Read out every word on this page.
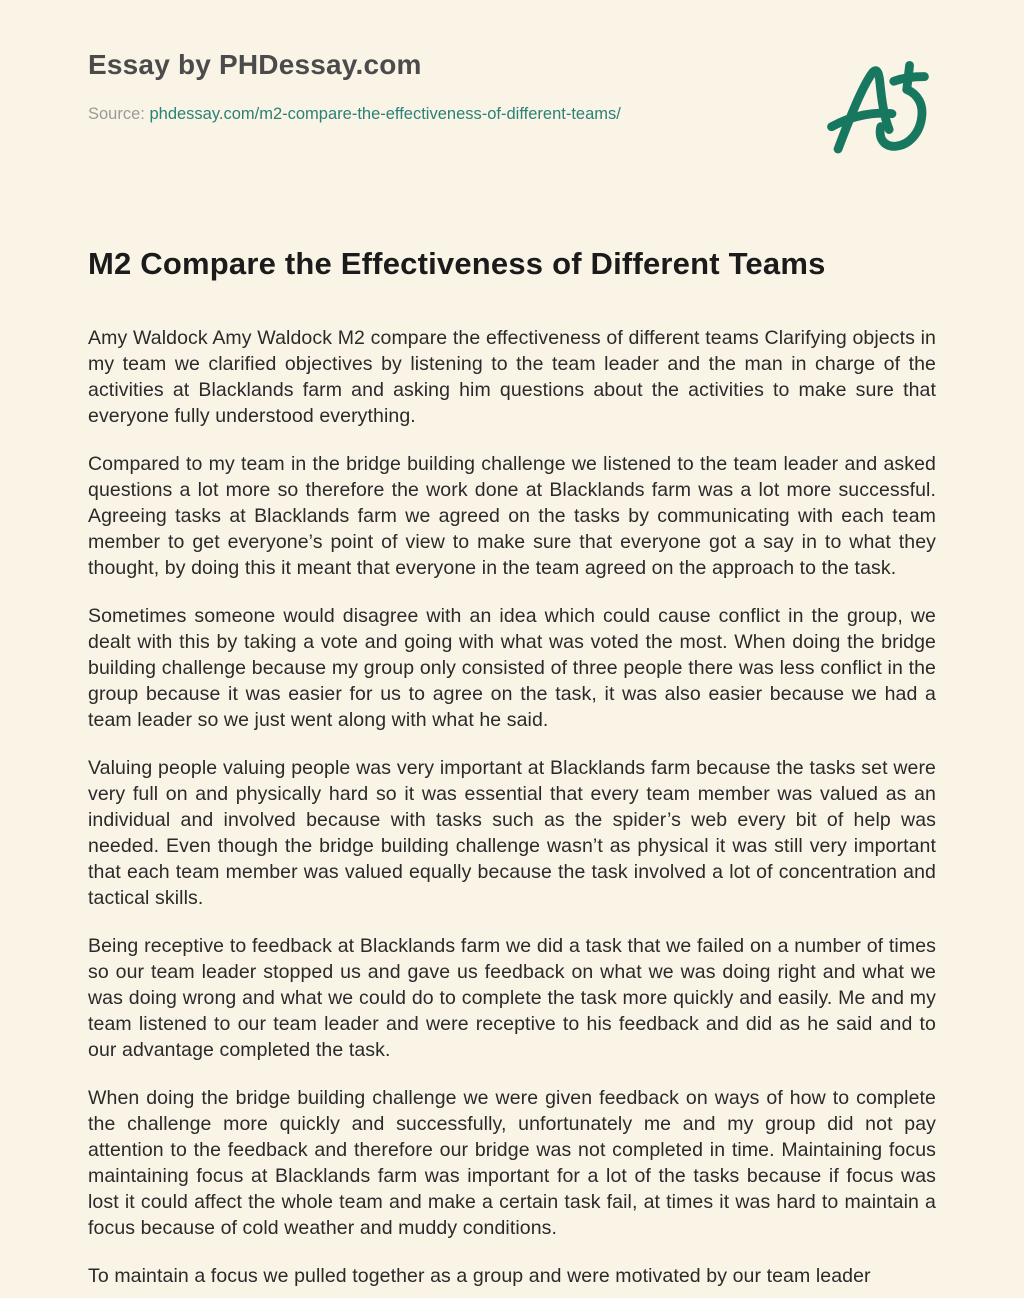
Essay by PHDessay.com
Source: phdessay.com/m2-compare-the-effectiveness-of-different-teams/
M2 Compare the Effectiveness of Different Teams

Amy Waldock Amy Waldock M2 compare the effectiveness of different teams Clarifying objects in my team we clarified objectives by listening to the team leader and the man in charge of the activities at Blacklands farm and asking him questions about the activities to make sure that everyone fully understood everything.

Compared to my team in the bridge building challenge we listened to the team leader and asked questions a lot more so therefore the work done at Blacklands farm was a lot more successful. Agreeing tasks at Blacklands farm we agreed on the tasks by communicating with each team member to get everyone’s point of view to make sure that everyone got a say in to what they thought, by doing this it meant that everyone in the team agreed on the approach to the task.

Sometimes someone would disagree with an idea which could cause conflict in the group, we dealt with this by taking a vote and going with what was voted the most. When doing the bridge building challenge because my group only consisted of three people there was less conflict in the group because it was easier for us to agree on the task, it was also easier because we had a team leader so we just went along with what he said.

Valuing people valuing people was very important at Blacklands farm because the tasks set were very full on and physically hard so it was essential that every team member was valued as an individual and involved because with tasks such as the spider’s web every bit of help was needed. Even though the bridge building challenge wasn’t as physical it was still very important that each team member was valued equally because the task involved a lot of concentration and tactical skills.

Being receptive to feedback at Blacklands farm we did a task that we failed on a number of times so our team leader stopped us and gave us feedback on what we was doing right and what we was doing wrong and what we could do to complete the task more quickly and easily. Me and my team listened to our team leader and were receptive to his feedback and did as he said and to our advantage completed the task.

When doing the bridge building challenge we were given feedback on ways of how to complete the challenge more quickly and successfully, unfortunately me and my group did not pay attention to the feedback and therefore our bridge was not completed in time. Maintaining focus maintaining focus at Blacklands farm was important for a lot of the tasks because if focus was lost it could affect the whole team and make a certain task fail, at times it was hard to maintain a focus because of cold weather and muddy conditions.

To maintain a focus we pulled together as a group and were motivated by our team leader
